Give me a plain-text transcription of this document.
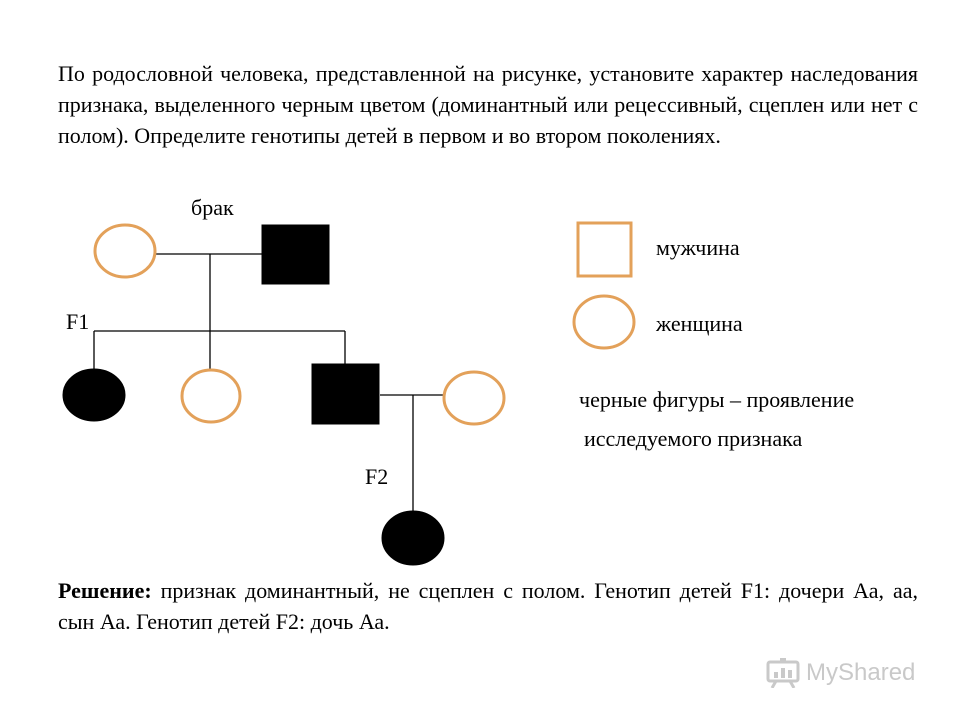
По родословной человека, представленной на рисунке, установите характер наследования признака, выделенного черным цветом (доминантный или рецессивный, сцеплен или нет с полом). Определите генотипы детей в первом и во втором поколениях.

брак
F1
F2
мужчина
женщина
черные фигуры – проявление
исследуемого признака

Решение: признак доминантный, не сцеплен с полом. Генотип детей F1: дочери Аа, аа, сын Аа. Генотип детей F2: дочь Аа.

MyShared
